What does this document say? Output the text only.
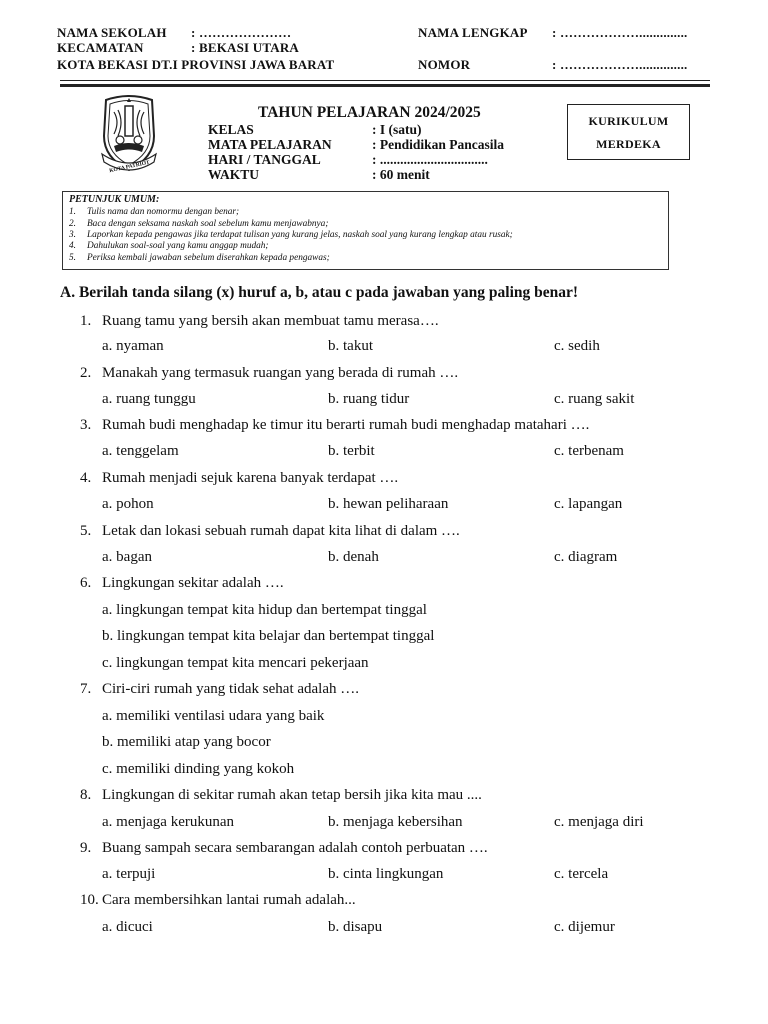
NAMA SEKOLAH : …………………
KECAMATAN	: BEKASI UTARA
KOTA BEKASI DT.I PROVINSI JAWA BARAT
NAMA LENGKAP : ………………..............
NOMOR	: ………………..............
KOTA PATRIOT
TAHUN PELAJARAN 2024/2025
KELAS	: I (satu)
MATA PELAJARAN	: Pendidikan Pancasila
HARI / TANGGAL	: ................................
WAKTU	: 60 menit
KURIKULUM
MERDEKA
PETUNJUK UMUM:
1. Tulis nama dan nomormu dengan benar;
2. Baca dengan seksama naskah soal sebelum kamu menjawabnya;
3. Laporkan kepada pengawas jika terdapat tulisan yang kurang jelas, naskah soal yang kurang lengkap atau rusak;
4. Dahulukan soal-soal yang kamu anggap mudah;
5. Periksa kembali jawaban sebelum diserahkan kepada pengawas;
A. Berilah tanda silang (x) huruf a, b, atau c pada jawaban yang paling benar!
1. Ruang tamu yang bersih akan membuat tamu merasa….
a. nyaman	b. takut	c. sedih
2. Manakah yang termasuk ruangan yang berada di rumah ….
a. ruang tunggu	b. ruang tidur	c. ruang sakit
3. Rumah budi menghadap ke timur itu berarti rumah budi menghadap matahari ….
a. tenggelam	b. terbit	c. terbenam
4. Rumah menjadi sejuk karena banyak terdapat ….
a. pohon	b. hewan peliharaan	c. lapangan
5. Letak dan lokasi sebuah rumah dapat kita lihat di dalam ….
a. bagan	b. denah	c. diagram
6. Lingkungan sekitar adalah ….
a. lingkungan tempat kita hidup dan bertempat tinggal
b. lingkungan tempat kita belajar dan bertempat tinggal
c. lingkungan tempat kita mencari pekerjaan
7. Ciri-ciri rumah yang tidak sehat adalah ….
a. memiliki ventilasi udara yang baik
b. memiliki atap yang bocor
c. memiliki dinding yang kokoh
8. Lingkungan di sekitar rumah akan tetap bersih jika kita mau ....
a. menjaga kerukunan	b. menjaga kebersihan	c. menjaga diri
9. Buang sampah secara sembarangan adalah contoh perbuatan ….
a. terpuji	b. cinta lingkungan	c. tercela
10. Cara membersihkan lantai rumah adalah...
a. dicuci	b. disapu	c. dijemur
